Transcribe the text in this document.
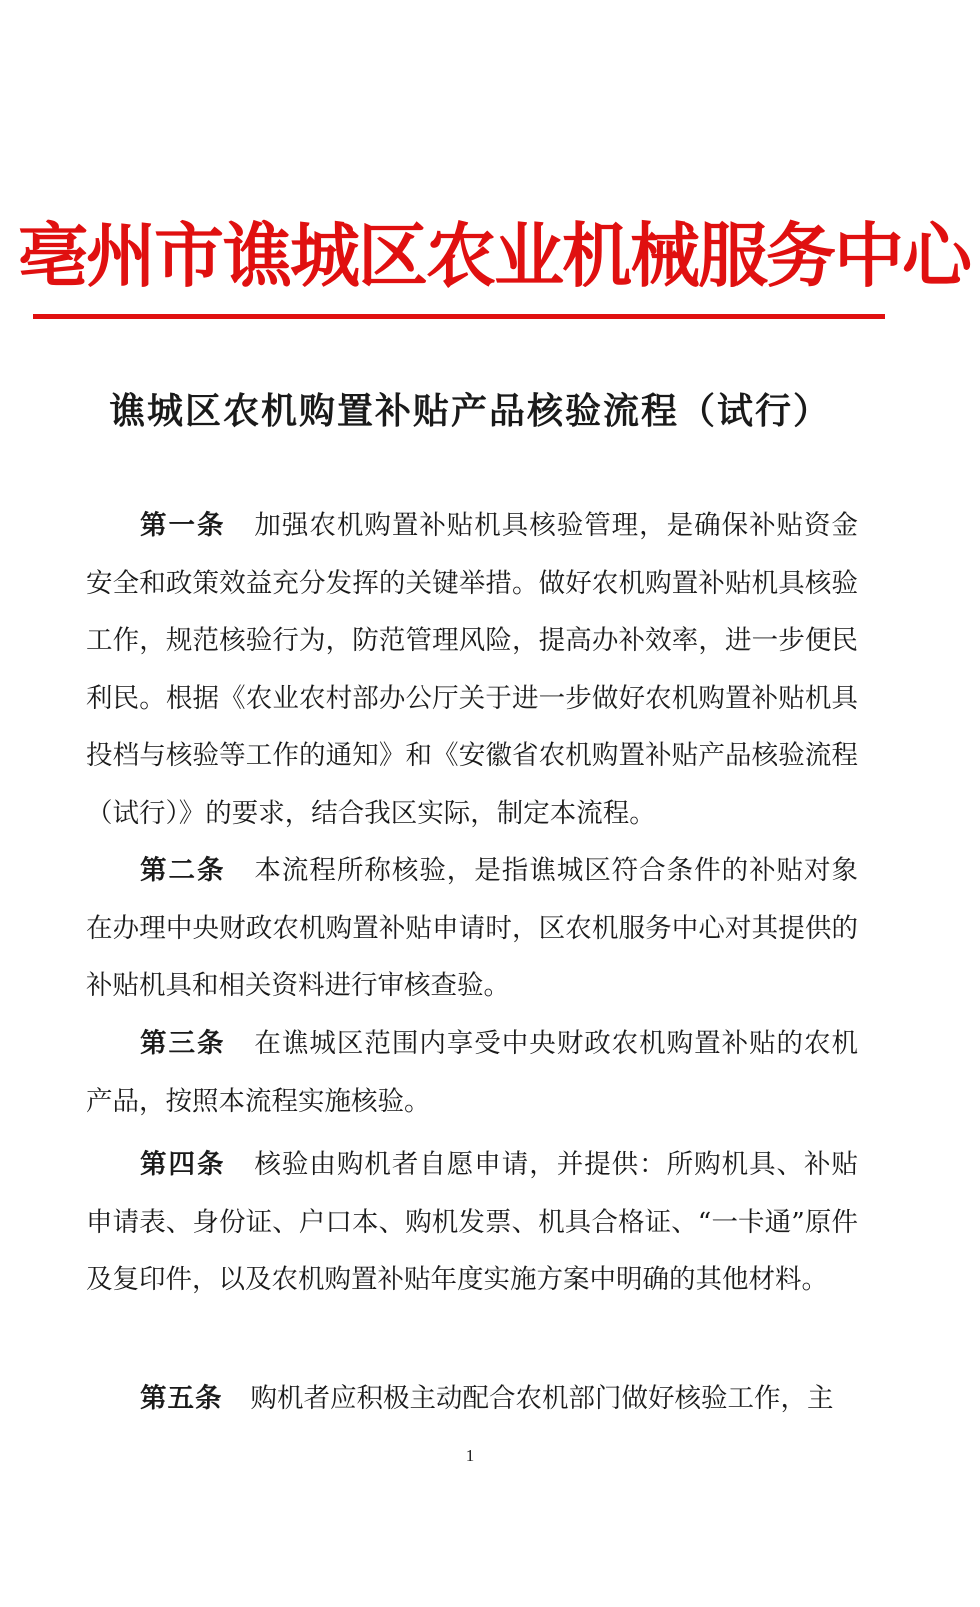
亳州市谯城区农业机械服务中心
谯城区农机购置补贴产品核验流程（试行）
第一条 加强农机购置补贴机具核验管理，是确保补贴资金安全和政策效益充分发挥的关键举措。做好农机购置补贴机具核验工作，规范核验行为，防范管理风险，提高办补效率，进一步便民利民。根据《农业农村部办公厅关于进一步做好农机购置补贴机具投档与核验等工作的通知》和《安徽省农机购置补贴产品核验流程（试行）》的要求，结合我区实际，制定本流程。
第二条 本流程所称核验，是指谯城区符合条件的补贴对象在办理中央财政农机购置补贴申请时，区农机服务中心对其提供的补贴机具和相关资料进行审核查验。
第三条 在谯城区范围内享受中央财政农机购置补贴的农机产品，按照本流程实施核验。
第四条 核验由购机者自愿申请，并提供：所购机具、补贴申请表、身份证、户口本、购机发票、机具合格证、“一卡通”原件及复印件，以及农机购置补贴年度实施方案中明确的其他材料。
第五条 购机者应积极主动配合农机部门做好核验工作，主
1
